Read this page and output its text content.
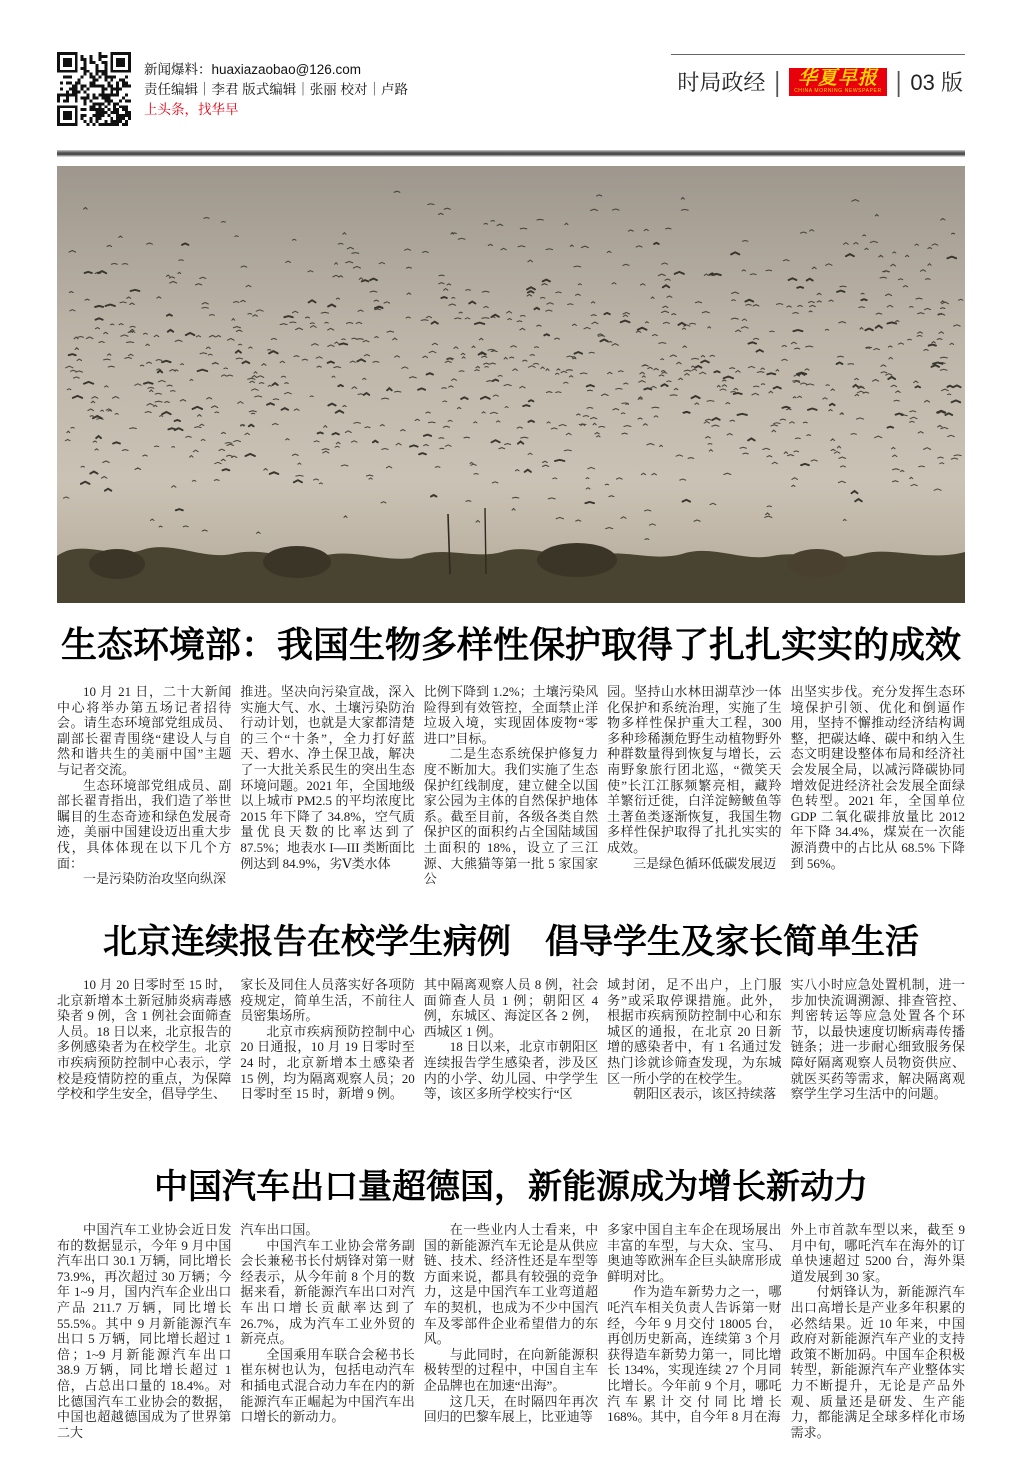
新闻爆料：huaxiazaobao@126.com
责任编辑｜李君 版式编辑｜张丽 校对｜卢路
上头条，找华早
时局政经 | 华夏早报
CHINA MORNING NEWSPAPER | 03 版
生态环境部：我国生物多样性保护取得了扎扎实实的成效

10 月 21 日，二十大新闻中心将举办第五场记者招待会。请生态环境部党组成员、副部长翟青围绕“建设人与自然和谐共生的美丽中国”主题与记者交流。

生态环境部党组成员、副部长翟青指出，我们造了举世瞩目的生态奇迹和绿色发展奇迹，美丽中国建设迈出重大步伐，具体体现在以下几个方面：

一是污染防治攻坚向纵深

推进。坚决向污染宣战，深入实施大气、水、土壤污染防治行动计划，也就是大家都清楚的三个“十条”，全力打好蓝天、碧水、净土保卫战，解决了一大批关系民生的突出生态环境问题。2021 年，全国地级以上城市 PM2.5 的平均浓度比 2015 年下降了 34.8%，空气质量优良天数的比率达到了 87.5%；地表水 I—III 类断面比例达到 84.9%，劣Ⅴ类水体

比例下降到 1.2%；土壤污染风险得到有效管控，全面禁止洋垃圾入境，实现固体废物“零进口”目标。

二是生态系统保护修复力度不断加大。我们实施了生态保护红线制度，建立健全以国家公园为主体的自然保护地体系。截至目前，各级各类自然保护区的面积约占全国陆域国土面积的 18%，设立了三江源、大熊猫等第一批 5 家国家公

园。坚持山水林田湖草沙一体化保护和系统治理，实施了生物多样性保护重大工程，300 多种珍稀濒危野生动植物野外种群数量得到恢复与增长，云南野象旅行团北巡，“微笑天使”长江江豚频繁亮相，藏羚羊繁衍迁徙，白洋淀鳑鲏鱼等土著鱼类逐渐恢复，我国生物多样性保护取得了扎扎实实的成效。

三是绿色循环低碳发展迈

出坚实步伐。充分发挥生态环境保护引领、优化和倒逼作用，坚持不懈推动经济结构调整，把碳达峰、碳中和纳入生态文明建设整体布局和经济社会发展全局，以减污降碳协同增效促进经济社会发展全面绿色转型。2021 年，全国单位 GDP 二氧化碳排放量比 2012 年下降 34.4%，煤炭在一次能源消费中的占比从 68.5% 下降到 56%。

北京连续报告在校学生病例　倡导学生及家长简单生活

10 月 20 日零时至 15 时，北京新增本土新冠肺炎病毒感染者 9 例，含 1 例社会面筛查人员。18 日以来，北京报告的多例感染者为在校学生。北京市疾病预防控制中心表示，学校是疫情防控的重点，为保障学校和学生安全，倡导学生、

家长及同住人员落实好各项防疫规定，简单生活，不前往人员密集场所。

北京市疾病预防控制中心 20 日通报，10 月 19 日零时至 24 时，北京新增本土感染者 15 例，均为隔离观察人员；20 日零时至 15 时，新增 9 例。

其中隔离观察人员 8 例，社会面筛查人员 1 例；朝阳区 4 例，东城区、海淀区各 2 例，西城区 1 例。

18 日以来，北京市朝阳区连续报告学生感染者，涉及区内的小学、幼儿园、中学学生等，该区多所学校实行“区

域封闭，足不出户，上门服务”或采取停课措施。此外，根据市疾病预防控制中心和东城区的通报，在北京 20 日新增的感染者中，有 1 名通过发热门诊就诊筛查发现，为东城区一所小学的在校学生。

朝阳区表示，该区持续落

实八小时应急处置机制，进一步加快流调溯源、排查管控、判密转运等应急处置各个环节，以最快速度切断病毒传播链条；进一步耐心细致服务保障好隔离观察人员物资供应、就医买药等需求，解决隔离观察学生学习生活中的问题。

中国汽车出口量超德国，新能源成为增长新动力

中国汽车工业协会近日发布的数据显示，今年 9 月中国汽车出口 30.1 万辆，同比增长 73.9%，再次超过 30 万辆；今年 1~9 月，国内汽车企业出口产品 211.7 万辆，同比增长 55.5%。其中 9 月新能源汽车出口 5 万辆，同比增长超过 1 倍；1~9 月新能源汽车出口 38.9 万辆，同比增长超过 1 倍，占总出口量的 18.4%。对比德国汽车工业协会的数据，中国也超越德国成为了世界第二大

汽车出口国。

中国汽车工业协会常务副会长兼秘书长付炳锋对第一财经表示，从今年前 8 个月的数据来看，新能源汽车出口对汽车出口增长贡献率达到了 26.7%，成为汽车工业外贸的新亮点。

全国乘用车联合会秘书长崔东树也认为，包括电动汽车和插电式混合动力车在内的新能源汽车正崛起为中国汽车出口增长的新动力。

在一些业内人士看来，中国的新能源汽车无论是从供应链、技术、经济性还是车型等方面来说，都具有较强的竞争力，这是中国汽车工业弯道超车的契机，也成为不少中国汽车及零部件企业希望借力的东风。

与此同时，在向新能源积极转型的过程中，中国自主车企品牌也在加速“出海”。

这几天，在时隔四年再次回归的巴黎车展上，比亚迪等

多家中国自主车企在现场展出丰富的车型，与大众、宝马、奥迪等欧洲车企巨头缺席形成鲜明对比。

作为造车新势力之一，哪吒汽车相关负责人告诉第一财经，今年 9 月交付 18005 台，再创历史新高，连续第 3 个月获得造车新势力第一，同比增长 134%，实现连续 27 个月同比增长。今年前 9 个月，哪吒汽车累计交付同比增长 168%。其中，自今年 8 月在海

外上市首款车型以来，截至 9 月中旬，哪吒汽车在海外的订单快速超过 5200 台，海外渠道发展到 30 家。

付炳锋认为，新能源汽车出口高增长是产业多年积累的必然结果。近 10 年来，中国政府对新能源汽车产业的支持政策不断加码。中国车企积极转型，新能源汽车产业整体实力不断提升，无论是产品外观、质量还是研发、生产能力，都能满足全球多样化市场需求。
